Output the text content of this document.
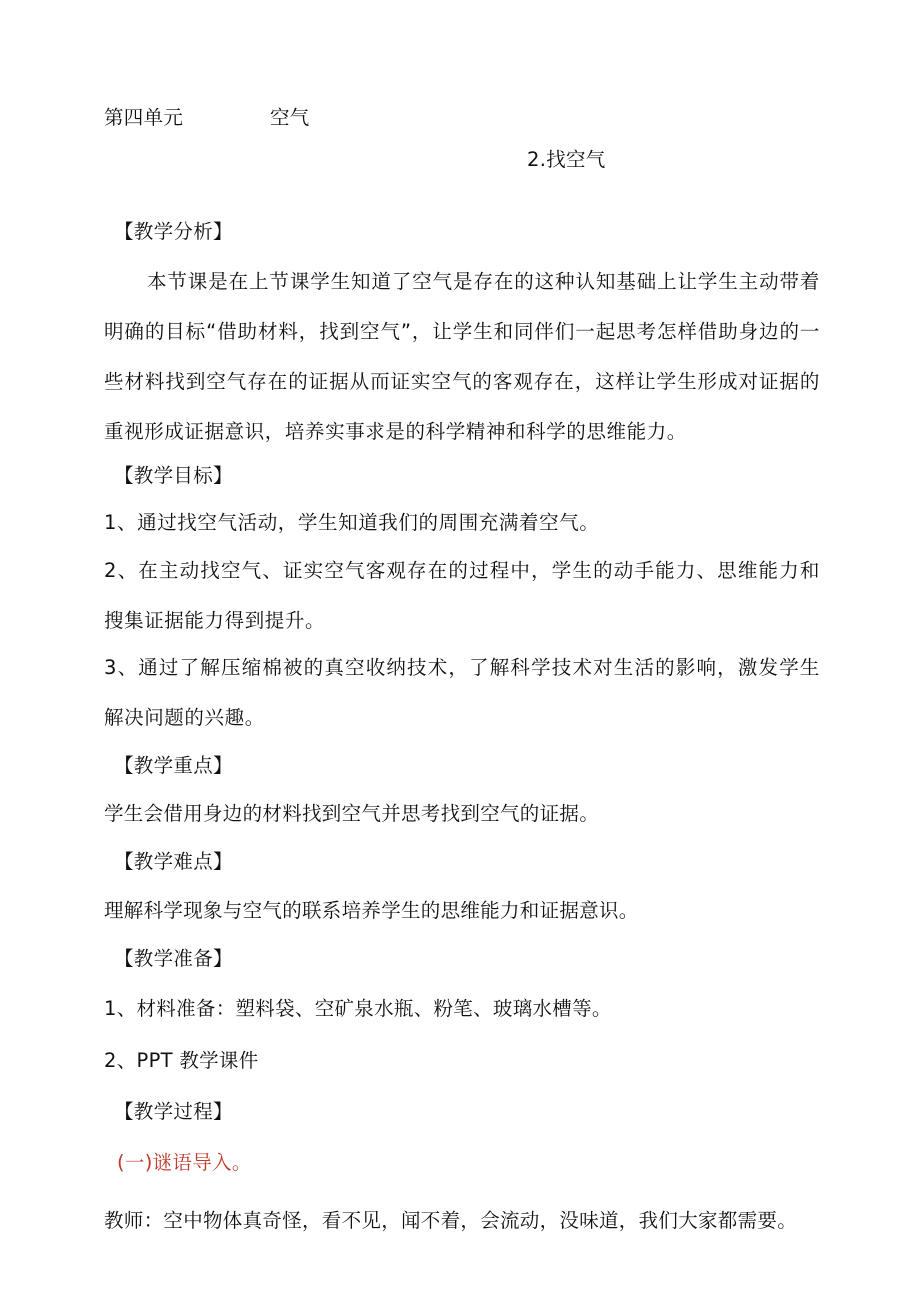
第四单元	空气
2.找空气
【教学分析】
本节课是在上节课学生知道了空气是存在的这种认知基础上让学生主动带着明确的目标“借助材料，找到空气”，让学生和同伴们一起思考怎样借助身边的一些材料找到空气存在的证据从而证实空气的客观存在，这样让学生形成对证据的重视形成证据意识，培养实事求是的科学精神和科学的思维能力。
【教学目标】
1、通过找空气活动，学生知道我们的周围充满着空气。
2、在主动找空气、证实空气客观存在的过程中，学生的动手能力、思维能力和搜集证据能力得到提升。
3、通过了解压缩棉被的真空收纳技术，了解科学技术对生活的影响，激发学生解决问题的兴趣。
【教学重点】
学生会借用身边的材料找到空气并思考找到空气的证据。
【教学难点】
理解科学现象与空气的联系培养学生的思维能力和证据意识。
【教学准备】
1、材料准备：塑料袋、空矿泉水瓶、粉笔、玻璃水槽等。
2、PPT 教学课件
【教学过程】
(一)谜语导入。
教师：空中物体真奇怪，看不见，闻不着，会流动，没味道，我们大家都需要。
